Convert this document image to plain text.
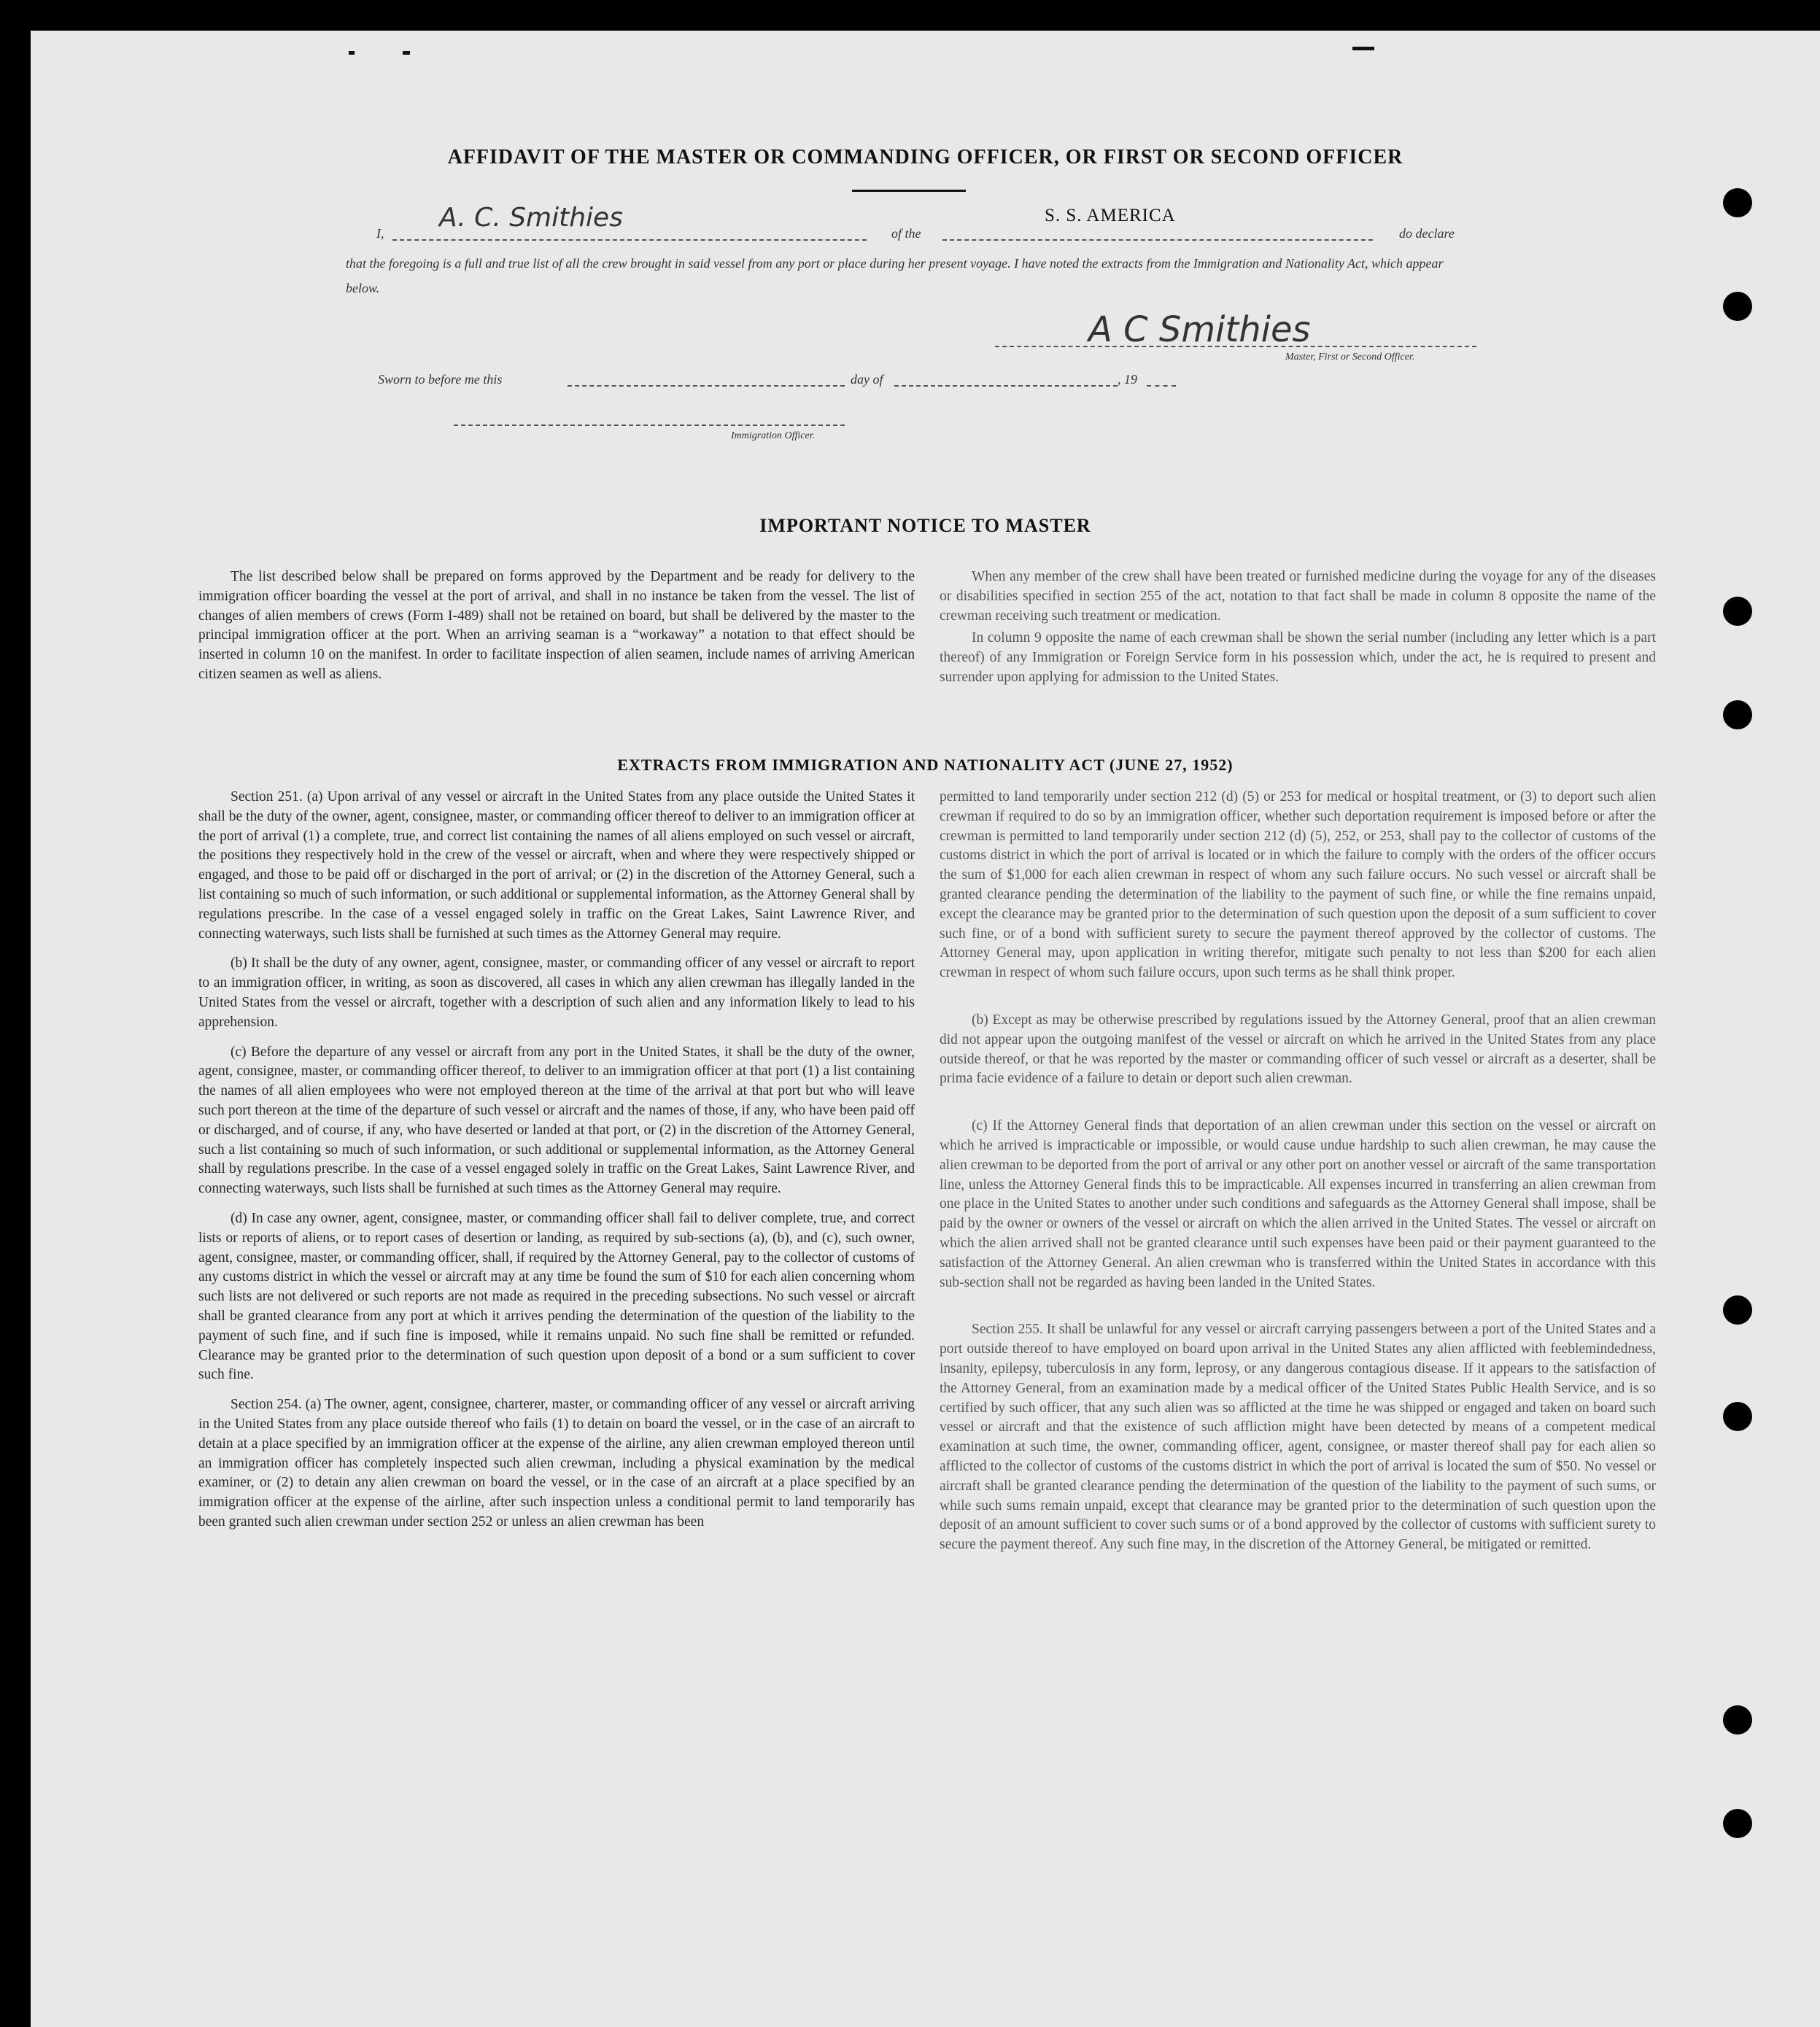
AFFIDAVIT OF THE MASTER OR COMMANDING OFFICER, OR FIRST OR SECOND OFFICER
I,
A. C. Smithies
of the
S. S. AMERICA
do declare
that the foregoing is a full and true list of all the crew brought in said vessel from any port or place during her present voyage. I have noted the extracts from the Immigration and Nationality Act, which appear below.
A C Smithies
Master, First or Second Officer.
Sworn to before me this	day of	, 19
Immigration Officer.
IMPORTANT NOTICE TO MASTER

The list described below shall be prepared on forms approved by the Department and be ready for delivery to the immigration officer boarding the vessel at the port of arrival, and shall in no instance be taken from the vessel. The list of changes of alien members of crews (Form I-489) shall not be retained on board, but shall be delivered by the master to the principal immigration officer at the port. When an arriving seaman is a “workaway” a notation to that effect should be inserted in column 10 on the manifest. In order to facilitate inspection of alien seamen, include names of arriving American citizen seamen as well as aliens.

When any member of the crew shall have been treated or furnished medicine during the voyage for any of the diseases or disabilities specified in section 255 of the act, notation to that fact shall be made in column 8 opposite the name of the crewman receiving such treatment or medication.

In column 9 opposite the name of each crewman shall be shown the serial number (including any letter which is a part thereof) of any Immigration or Foreign Service form in his possession which, under the act, he is required to present and surrender upon applying for admission to the United States.

EXTRACTS FROM IMMIGRATION AND NATIONALITY ACT (JUNE 27, 1952)

Section 251. (a) Upon arrival of any vessel or aircraft in the United States from any place outside the United States it shall be the duty of the owner, agent, consignee, master, or commanding officer thereof to deliver to an immigration officer at the port of arrival (1) a complete, true, and correct list containing the names of all aliens employed on such vessel or aircraft, the positions they respectively hold in the crew of the vessel or aircraft, when and where they were respectively shipped or engaged, and those to be paid off or discharged in the port of arrival; or (2) in the discretion of the Attorney General, such a list containing so much of such information, or such additional or supplemental information, as the Attorney General shall by regulations prescribe. In the case of a vessel engaged solely in traffic on the Great Lakes, Saint Lawrence River, and connecting waterways, such lists shall be furnished at such times as the Attorney General may require.

(b) It shall be the duty of any owner, agent, consignee, master, or commanding officer of any vessel or aircraft to report to an immigration officer, in writing, as soon as discovered, all cases in which any alien crewman has illegally landed in the United States from the vessel or aircraft, together with a description of such alien and any information likely to lead to his apprehension.

(c) Before the departure of any vessel or aircraft from any port in the United States, it shall be the duty of the owner, agent, consignee, master, or commanding officer thereof, to deliver to an immigration officer at that port (1) a list containing the names of all alien employees who were not employed thereon at the time of the arrival at that port but who will leave such port thereon at the time of the departure of such vessel or aircraft and the names of those, if any, who have been paid off or discharged, and of course, if any, who have deserted or landed at that port, or (2) in the discretion of the Attorney General, such a list containing so much of such information, or such additional or supplemental information, as the Attorney General shall by regulations prescribe. In the case of a vessel engaged solely in traffic on the Great Lakes, Saint Lawrence River, and connecting waterways, such lists shall be furnished at such times as the Attorney General may require.

(d) In case any owner, agent, consignee, master, or commanding officer shall fail to deliver complete, true, and correct lists or reports of aliens, or to report cases of desertion or landing, as required by sub-sections (a), (b), and (c), such owner, agent, consignee, master, or commanding officer, shall, if required by the Attorney General, pay to the collector of customs of any customs district in which the vessel or aircraft may at any time be found the sum of $10 for each alien concerning whom such lists are not delivered or such reports are not made as required in the preceding subsections. No such vessel or aircraft shall be granted clearance from any port at which it arrives pending the determination of the question of the liability to the payment of such fine, and if such fine is imposed, while it remains unpaid. No such fine shall be remitted or refunded. Clearance may be granted prior to the determination of such question upon deposit of a bond or a sum sufficient to cover such fine.

Section 254. (a) The owner, agent, consignee, charterer, master, or commanding officer of any vessel or aircraft arriving in the United States from any place outside thereof who fails (1) to detain on board the vessel, or in the case of an aircraft to detain at a place specified by an immigration officer at the expense of the airline, any alien crewman employed thereon until an immigration officer has completely inspected such alien crewman, including a physical examination by the medical examiner, or (2) to detain any alien crewman on board the vessel, or in the case of an aircraft at a place specified by an immigration officer at the expense of the airline, after such inspection unless a conditional permit to land temporarily has been granted such alien crewman under section 252 or unless an alien crewman has been

permitted to land temporarily under section 212 (d) (5) or 253 for medical or hospital treatment, or (3) to deport such alien crewman if required to do so by an immigration officer, whether such deportation requirement is imposed before or after the crewman is permitted to land temporarily under section 212 (d) (5), 252, or 253, shall pay to the collector of customs of the customs district in which the port of arrival is located or in which the failure to comply with the orders of the officer occurs the sum of $1,000 for each alien crewman in respect of whom any such failure occurs. No such vessel or aircraft shall be granted clearance pending the determination of the liability to the payment of such fine, or while the fine remains unpaid, except the clearance may be granted prior to the determination of such question upon the deposit of a sum sufficient to cover such fine, or of a bond with sufficient surety to secure the payment thereof approved by the collector of customs. The Attorney General may, upon application in writing therefor, mitigate such penalty to not less than $200 for each alien crewman in respect of whom such failure occurs, upon such terms as he shall think proper.

(b) Except as may be otherwise prescribed by regulations issued by the Attorney General, proof that an alien crewman did not appear upon the outgoing manifest of the vessel or aircraft on which he arrived in the United States from any place outside thereof, or that he was reported by the master or commanding officer of such vessel or aircraft as a deserter, shall be prima facie evidence of a failure to detain or deport such alien crewman.

(c) If the Attorney General finds that deportation of an alien crewman under this section on the vessel or aircraft on which he arrived is impracticable or impossible, or would cause undue hardship to such alien crewman, he may cause the alien crewman to be deported from the port of arrival or any other port on another vessel or aircraft of the same transportation line, unless the Attorney General finds this to be impracticable. All expenses incurred in transferring an alien crewman from one place in the United States to another under such conditions and safeguards as the Attorney General shall impose, shall be paid by the owner or owners of the vessel or aircraft on which the alien arrived in the United States. The vessel or aircraft on which the alien arrived shall not be granted clearance until such expenses have been paid or their payment guaranteed to the satisfaction of the Attorney General. An alien crewman who is transferred within the United States in accordance with this sub-section shall not be regarded as having been landed in the United States.

Section 255. It shall be unlawful for any vessel or aircraft carrying passengers between a port of the United States and a port outside thereof to have employed on board upon arrival in the United States any alien afflicted with feeblemindedness, insanity, epilepsy, tuberculosis in any form, leprosy, or any dangerous contagious disease. If it appears to the satisfaction of the Attorney General, from an examination made by a medical officer of the United States Public Health Service, and is so certified by such officer, that any such alien was so afflicted at the time he was shipped or engaged and taken on board such vessel or aircraft and that the existence of such affliction might have been detected by means of a competent medical examination at such time, the owner, commanding officer, agent, consignee, or master thereof shall pay for each alien so afflicted to the collector of customs of the customs district in which the port of arrival is located the sum of $50. No vessel or aircraft shall be granted clearance pending the determination of the question of the liability to the payment of such sums, or while such sums remain unpaid, except that clearance may be granted prior to the determination of such question upon the deposit of an amount sufficient to cover such sums or of a bond approved by the collector of customs with sufficient surety to secure the payment thereof. Any such fine may, in the discretion of the Attorney General, be mitigated or remitted.
